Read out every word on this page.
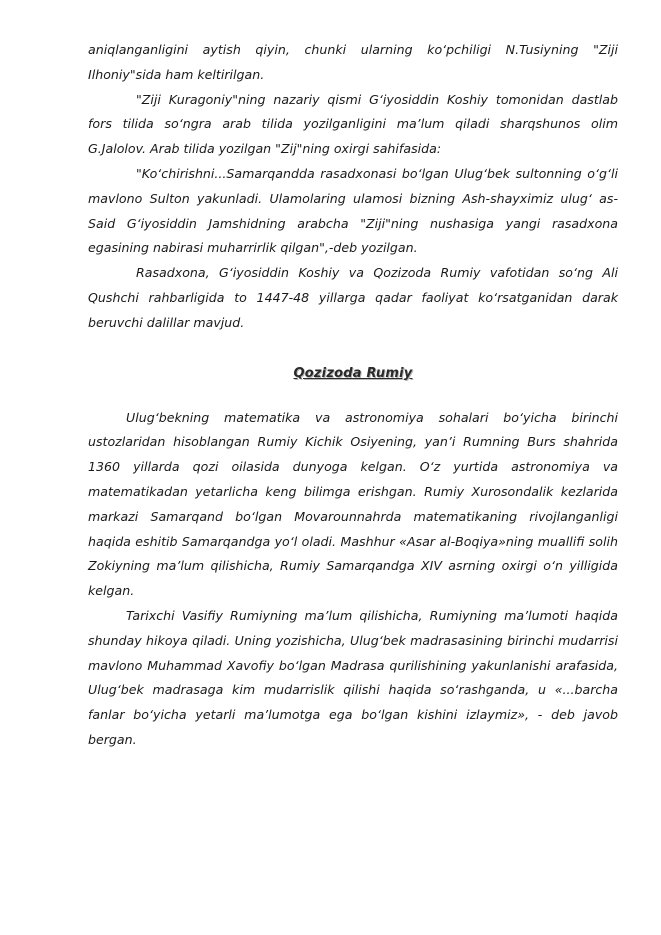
aniqlanganligini aytish qiyin, chunki ularning ko‘pchiligi N.Tusiyning "Ziji Ilhoniy"sida ham keltirilgan.

"Ziji Kuragoniy"ning nazariy qismi G‘iyosiddin Koshiy tomonidan dastlab fors tilida so‘ngra arab tilida yozilganligini ma’lum qiladi sharqshunos olim G.Jalolov. Arab tilida yozilgan "Zij"ning oxirgi sahifasida:

"Ko‘chirishni...Samarqandda rasadxonasi bo‘lgan Ulug‘bek sultonning o‘g‘li mavlono Sulton yakunladi. Ulamolaring ulamosi bizning Ash-shayximiz ulug‘ as-Said G‘iyosiddin Jamshidning arabcha "Ziji"ning nushasiga yangi rasadxona egasining nabirasi muharrirlik qilgan",-deb yozilgan.

Rasadxona, G‘iyosiddin Koshiy va Qozizoda Rumiy vafotidan so‘ng Ali Qushchi rahbarligida to 1447-48 yillarga qadar faoliyat ko‘rsatganidan darak beruvchi dalillar mavjud.

Qozizoda Rumiy

Ulug‘bekning matematika va astronomiya sohalari bo‘yicha birinchi ustozlaridan hisoblangan Rumiy Kichik Osiyening, yan’i Rumning Burs shahrida 1360 yillarda qozi oilasida dunyoga kelgan. O‘z yurtida astronomiya va matematikadan yetarlicha keng bilimga erishgan. Rumiy Xurosondalik kezlarida markazi Samarqand bo‘lgan Movarounnahrda matematikaning rivojlanganligi haqida eshitib Samarqandga yo‘l oladi. Mashhur «Asar al-Boqiya»ning muallifi solih Zokiyning ma’lum qilishicha, Rumiy Samarqandga XIV asrning oxirgi o‘n yilligida kelgan.

Tarixchi Vasifiy Rumiyning ma’lum qilishicha, Rumiyning ma’lumoti haqida shunday hikoya qiladi. Uning yozishicha, Ulug‘bek madrasasining birinchi mudarrisi mavlono Muhammad Xavofiy bo‘lgan Madrasa qurilishining yakunlanishi arafasida, Ulug‘bek madrasaga kim mudarrislik qilishi haqida so‘rashganda, u «...barcha fanlar bo‘yicha yetarli ma’lumotga ega bo‘lgan kishini izlaymiz», - deb javob bergan.
